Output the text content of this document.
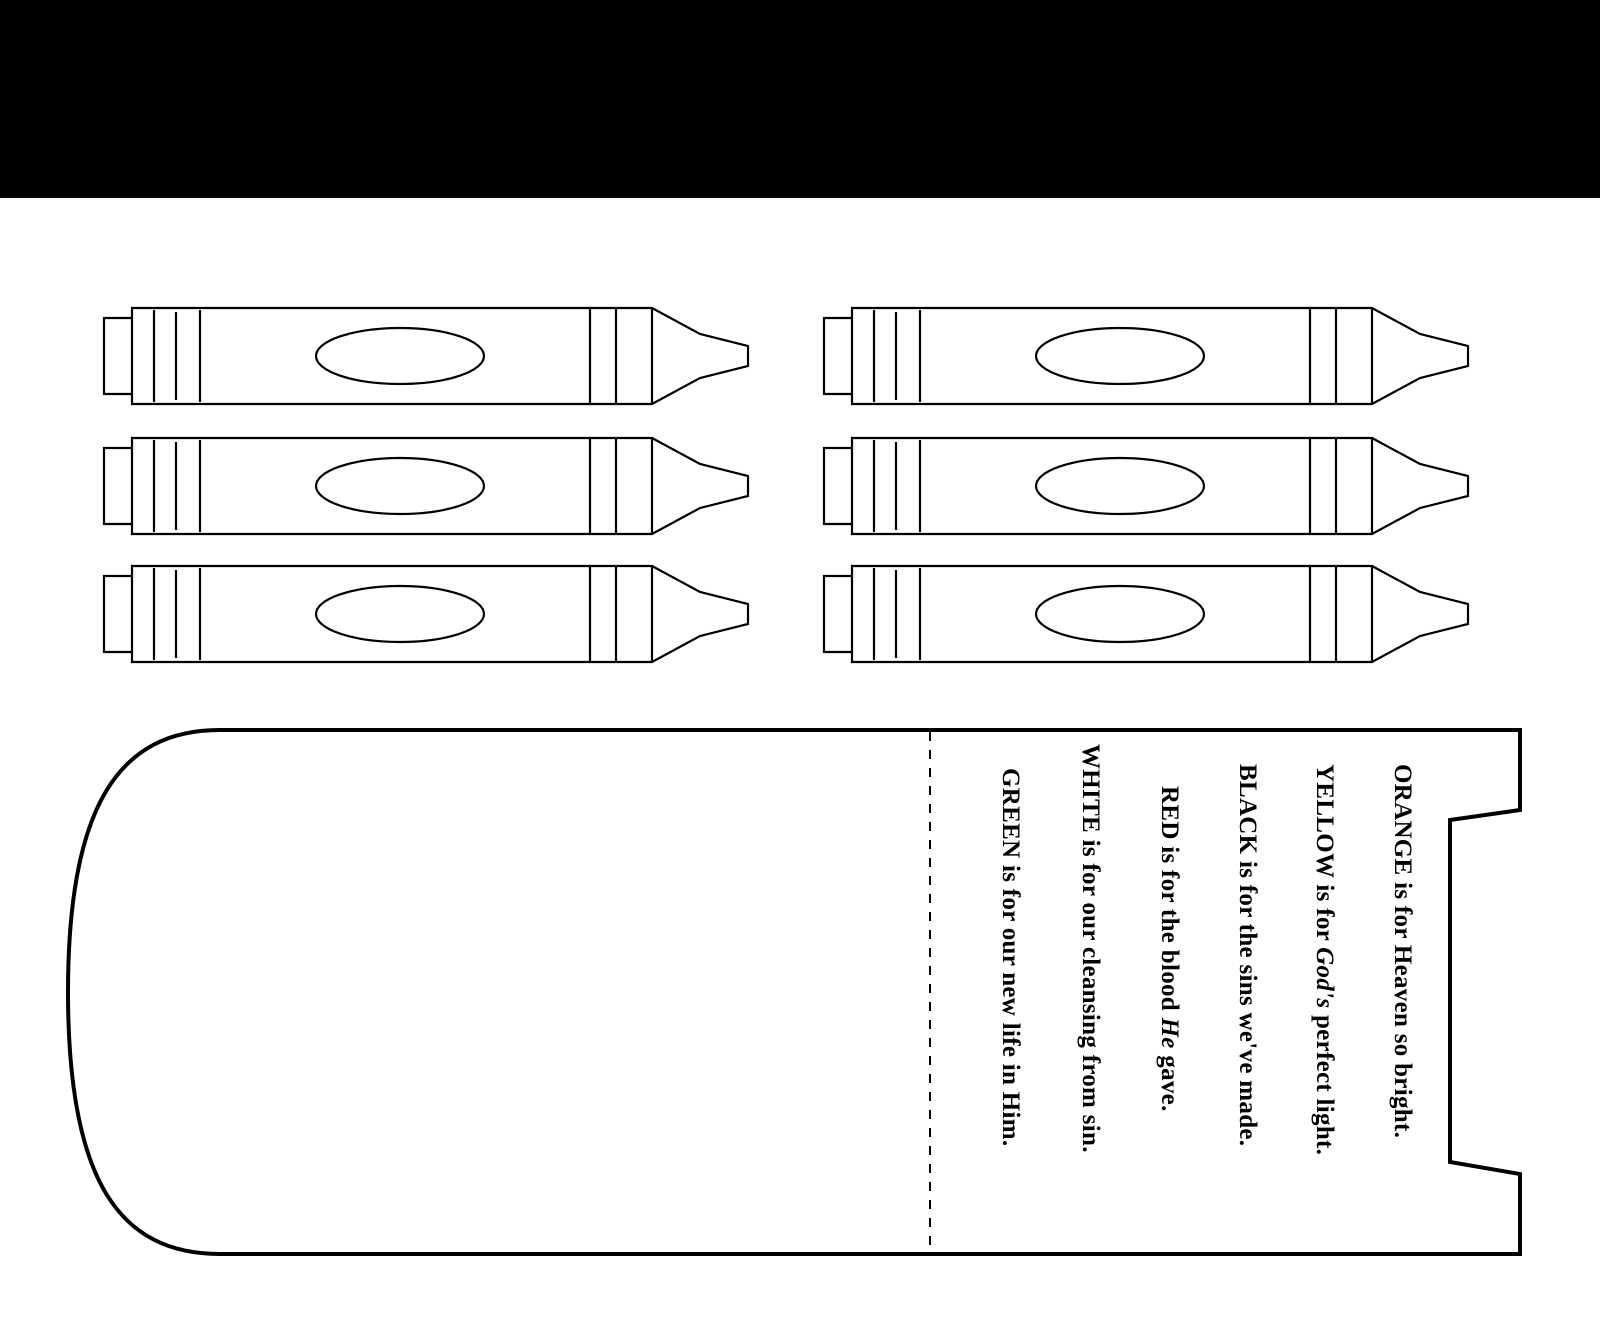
ORANGE is for Heaven so bright.
YELLOW is for God's perfect light.
BLACK is for the sins we've made.
RED is for the blood He gave.
WHITE is for our cleansing from sin.
GREEN is for our new life in Him.
